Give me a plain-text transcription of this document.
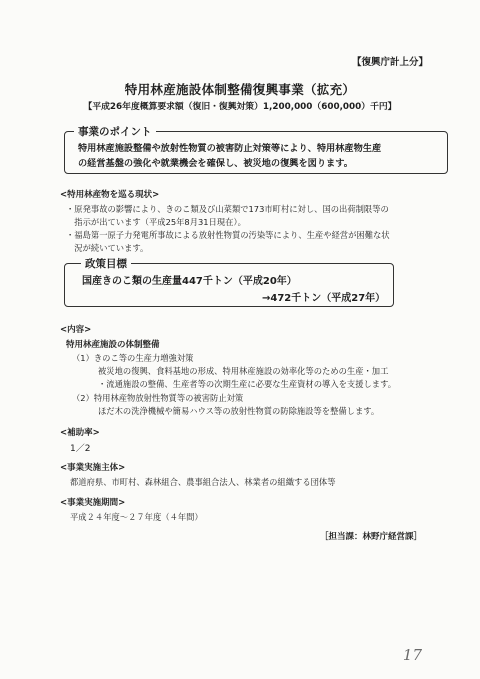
【復興庁計上分】
特用林産施設体制整備復興事業（拡充）
【平成26年度概算要求額（復旧・復興対策）1,200,000（600,000）千円】
事業のポイント
特用林産施設整備や放射性物質の被害防止対策等により、特用林産物生産
の経営基盤の強化や就業機会を確保し、被災地の復興を図ります。
<特用林産物を巡る現状>
・原発事故の影響により、きのこ類及び山菜類で173市町村に対し、国の出荷制限等の
　指示が出ています（平成25年8月31日現在）。
・福島第一原子力発電所事故による放射性物質の汚染等により、生産や経営が困難な状
　況が続いています。
政策目標
国産きのこ類の生産量447千トン（平成20年）
→472千トン（平成27年）
<内容>
特用林産施設の体制整備
（1）きのこ等の生産力増強対策
被災地の復興、食料基地の形成、特用林産施設の効率化等のための生産・加工
・流通施設の整備、生産者等の次期生産に必要な生産資材の導入を支援します。
（2）特用林産物放射性物質等の被害防止対策
ほだ木の洗浄機械や簡易ハウス等の放射性物質の防除施設等を整備します。
<補助率>
1／2
<事業実施主体>
都道府県、市町村、森林組合、農事組合法人、林業者の組織する団体等
<事業実施期間>
平成２４年度～２７年度（４年間）
［担当課：林野庁経営課］
17
